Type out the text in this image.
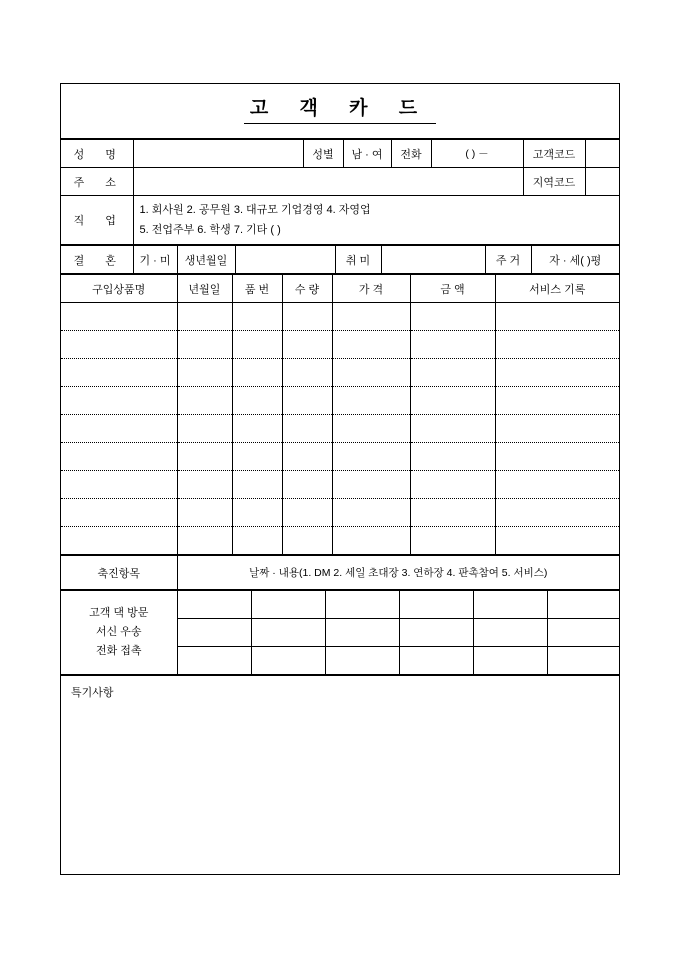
고 객 카 드
성 명		성별	남 · 여	전화	( ) －	고객코드	
주 소						지역코드	
직 업	1. 회사원 2. 공무원 3. 대규모 기업경영 4. 자영업
5. 전업주부 6. 학생 7. 기타 ( )						
결 혼	기 · 미	생년월일		취 미		주 거	자 · 세( )평
구입상품명	년월일	품 번	수 량	가 격	금 액	서비스 기록

축진항목	날짜 · 내용(1. DM 2. 세일 초대장 3. 연하장 4. 판촉참여 5. 서비스)
고객 댁 방문
서신 우송
전화 접촉						

특기사항
